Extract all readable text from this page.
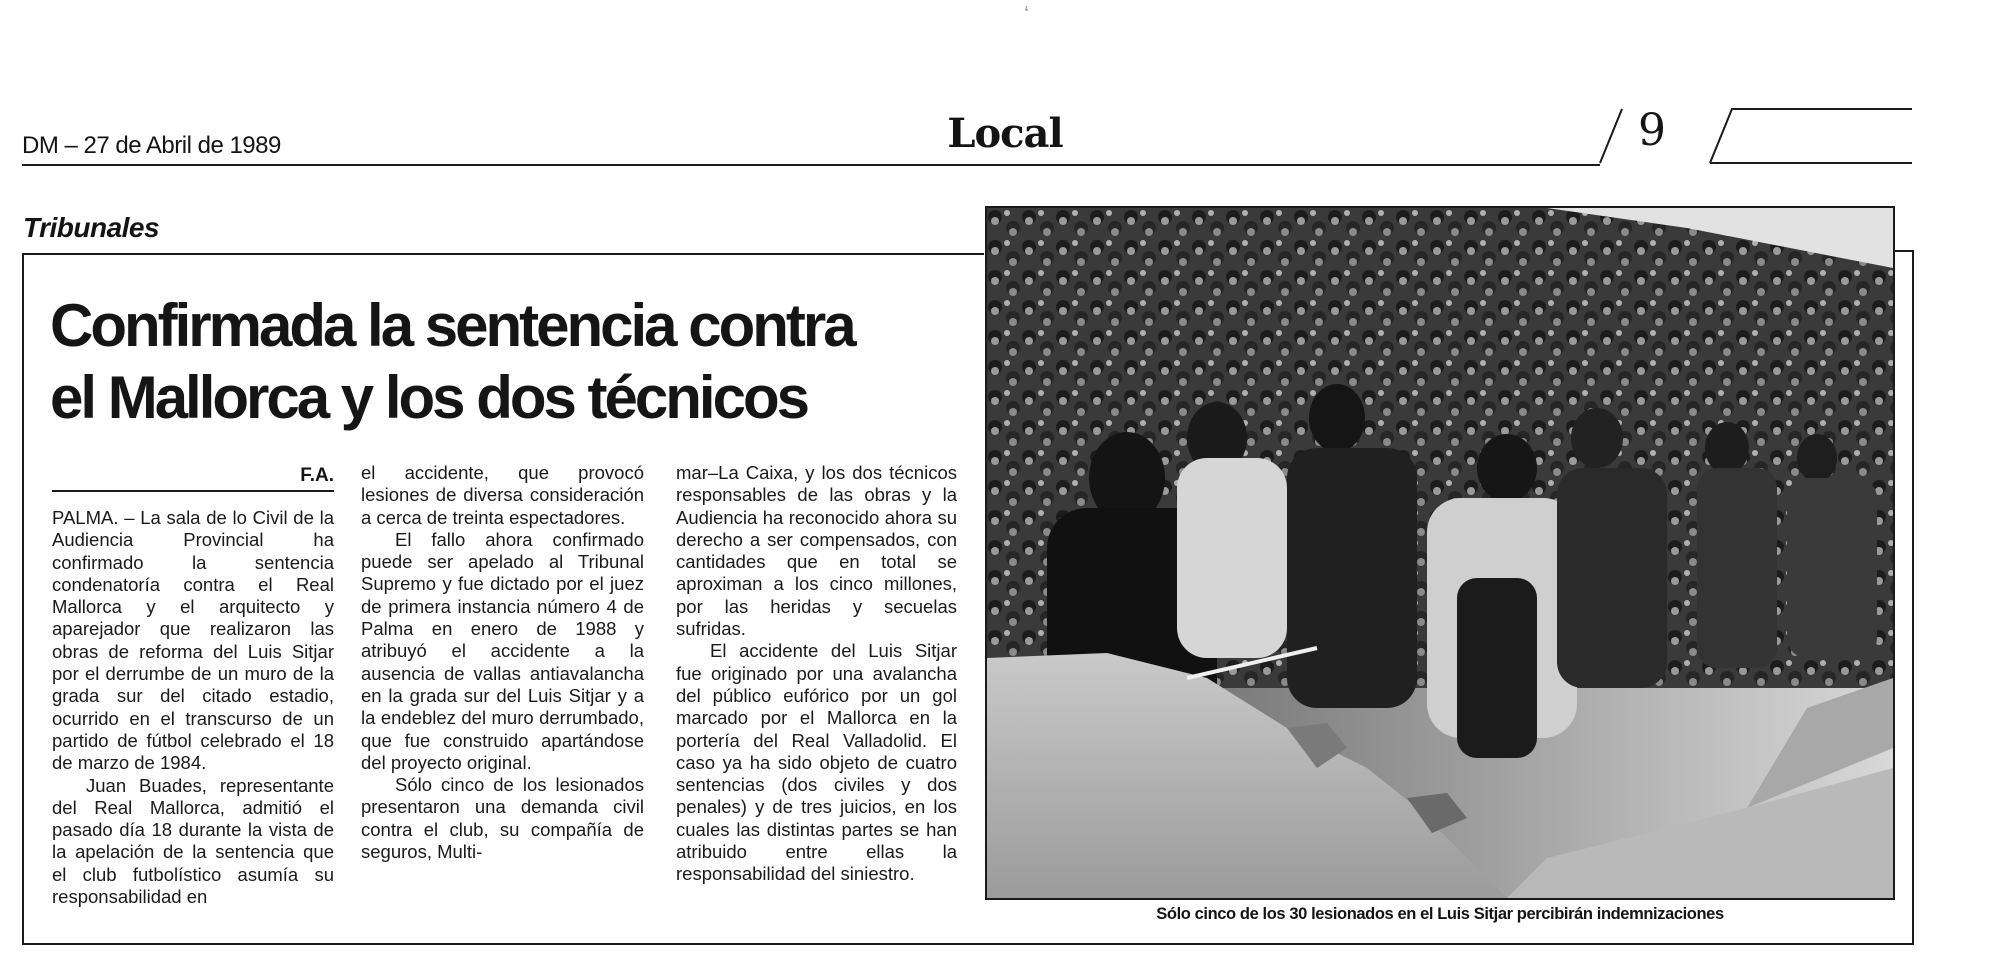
ʻ
DM – 27 de Abril de 1989	Local	9
Tribunales
Confirmada la sentencia contra
el Mallorca y los dos técnicos
F.A.

PALMA. – La sala de lo Civil de la Audiencia Provincial ha confirmado la sentencia condenatoría contra el Real Mallorca y el arquitecto y aparejador que realizaron las obras de reforma del Luis Sitjar por el derrumbe de un muro de la grada sur del citado estadio, ocurrido en el transcurso de un partido de fútbol celebrado el 18 de marzo de 1984.

Juan Buades, representante del Real Mallorca, admitió el pasado día 18 durante la vista de la apelación de la sentencia que el club futbolístico asumía su responsabilidad en

el accidente, que provocó lesiones de diversa consideración a cerca de treinta espectadores.

El fallo ahora confirmado puede ser apelado al Tribunal Supremo y fue dictado por el juez de primera instancia número 4 de Palma en enero de 1988 y atribuyó el accidente a la ausencia de vallas antiavalancha en la grada sur del Luis Sitjar y a la endeblez del muro derrumbado, que fue construido apartándose del proyecto original.

Sólo cinco de los lesionados presentaron una demanda civil contra el club, su compañía de seguros, Multi-

mar–La Caixa, y los dos técnicos responsables de las obras y la Audiencia ha reconocido ahora su derecho a ser compensados, con cantidades que en total se aproximan a los cinco millones, por las heridas y secuelas sufridas.

El accidente del Luis Sitjar fue originado por una avalancha del público eufórico por un gol marcado por el Mallorca en la portería del Real Valladolid. El caso ya ha sido objeto de cuatro sentencias (dos civiles y dos penales) y de tres juicios, en los cuales las distintas partes se han atribuido entre ellas la responsabilidad del siniestro.

Sólo cinco de los 30 lesionados en el Luis Sitjar percibirán indemnizaciones
